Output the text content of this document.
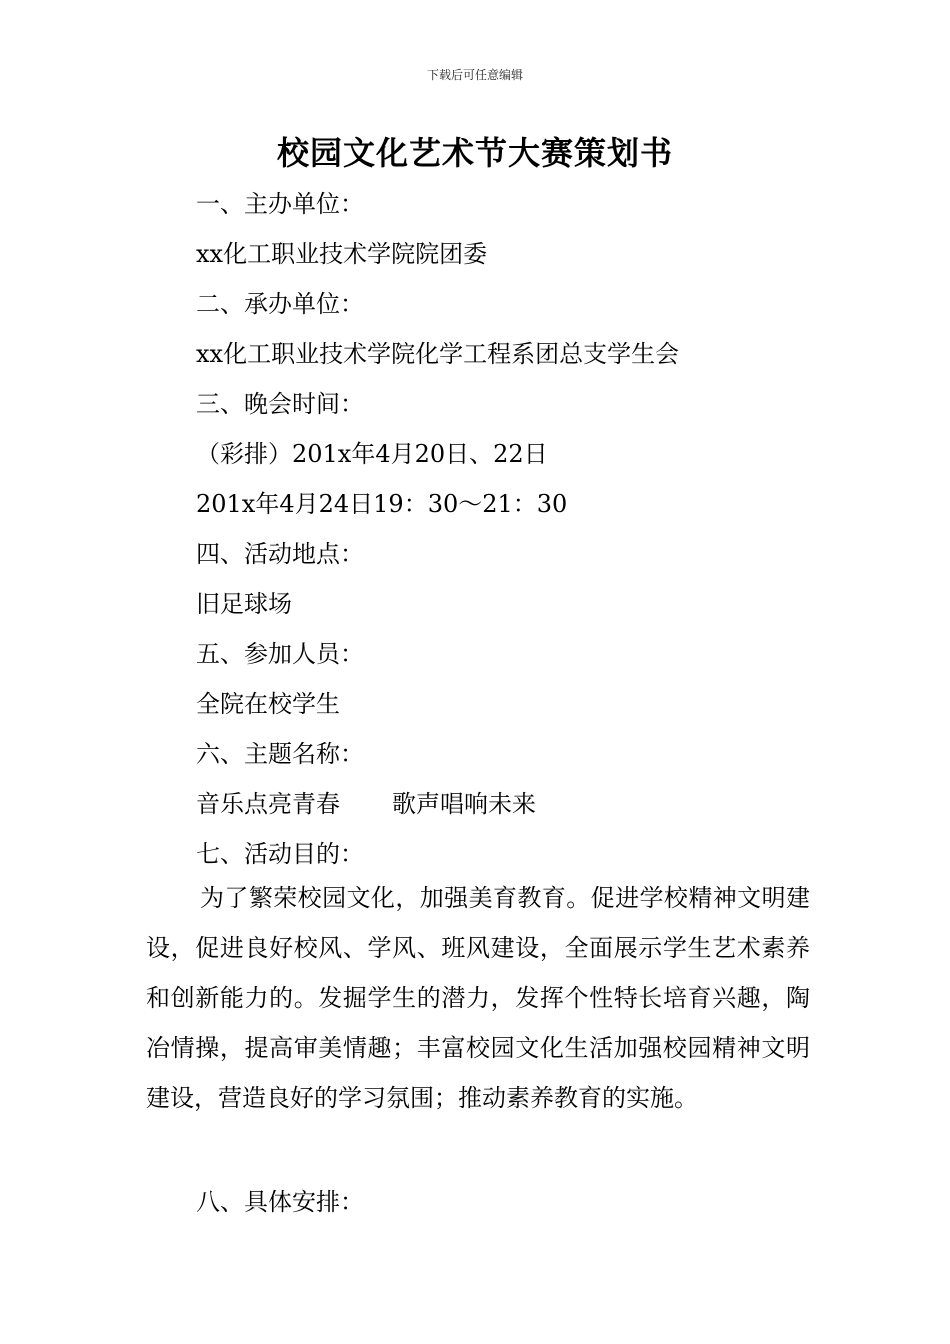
下载后可任意编辑
校园文化艺术节大赛策划书
一、主办单位：
xx化工职业技术学院院团委
二、承办单位：
xx化工职业技术学院化学工程系团总支学生会
三、晚会时间：
（彩排）201x年4月20日、22日
201x年4月24日19：30～21：30
四、活动地点：
旧足球场
五、参加人员：
全院在校学生
六、主题名称：
音乐点亮青春 歌声唱响未来
七、活动目的：
为了繁荣校园文化，加强美育教育。促进学校精神文明建设，促进良好校风、学风、班风建设，全面展示学生艺术素养和创新能力的。发掘学生的潜力，发挥个性特长培育兴趣，陶冶情操，提高审美情趣；丰富校园文化生活加强校园精神文明建设，营造良好的学习氛围；推动素养教育的实施。
八、具体安排：
